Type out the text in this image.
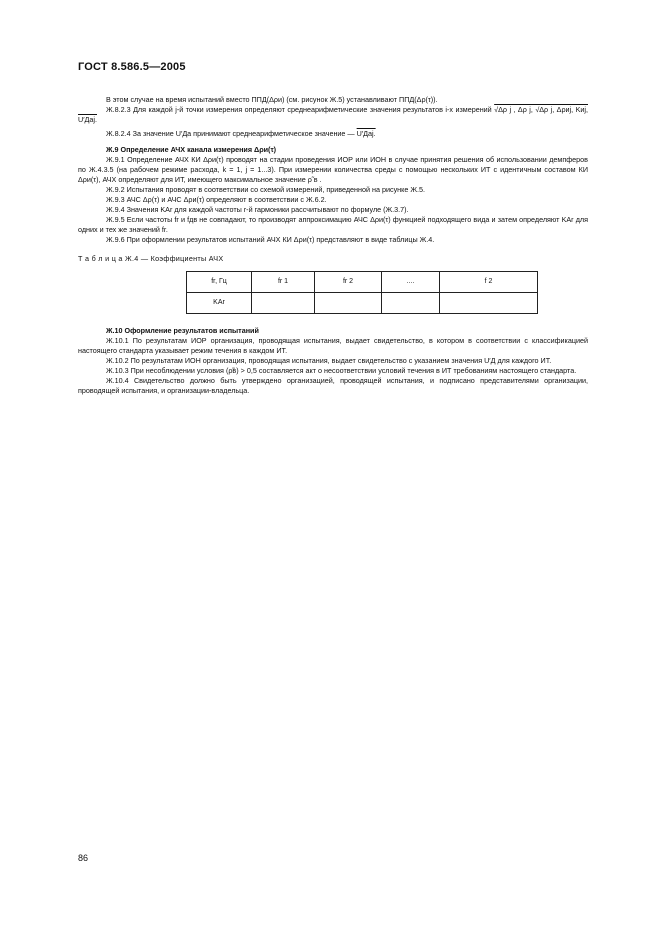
ГОСТ 8.586.5—2005

В этом случае на время испытаний вместо ППД(Δρи) (см. рисунок Ж.5) устанавливают ППД(Δρ(τ)).

Ж.8.2.3 Для каждой j-й точки измерения определяют среднеарифметические значения результатов i-х измерений √Δρ j , Δρ j, √Δρ j, Δρиj, Kиj, U′Даj.

Ж.8.2.4 За значение U′Да принимают среднеарифметическое значение — U′Даj.

Ж.9 Определение АЧХ канала измерения Δρи(τ)

Ж.9.1 Определение АЧХ КИ Δρи(τ) проводят на стадии проведения ИОР или ИОН в случае принятия решения об использовании демпферов по Ж.4.3.5 (на рабочем режиме расхода, k = 1, j = 1...3). При измерении количества среды с помощью нескольких ИТ с идентичным составом КИ Δρи(τ), АЧХ определяют для ИТ, имеющего максимальное значение ρ̃ в .

Ж.9.2 Испытания проводят в соответствии со схемой измерений, приведенной на рисунке Ж.5.

Ж.9.3 АЧС Δρ(τ) и АЧС Δρи(τ) определяют в соответствии с Ж.6.2.

Ж.9.4 Значения KАr для каждой частоты r-й гармоники рассчитывают по формуле (Ж.3.7).

Ж.9.5 Если частоты fr и fдв не совпадают, то производят аппроксимацию АЧС Δρи(τ) функцией подходящего вида и затем определяют KАr для одних и тех же значений fr.

Ж.9.6 При оформлении результатов испытаний АЧХ КИ Δρи(τ) представляют в виде таблицы Ж.4.

Т а б л и ц а Ж.4 — Коэффициенты АЧХ

fr, Гц	fr 1	fr 2	....	f 2
KАr				

Ж.10 Оформление результатов испытаний

Ж.10.1 По результатам ИОР организация, проводящая испытания, выдает свидетельство, в котором в соответствии с классификацией настоящего стандарта указывает режим течения в каждом ИТ.

Ж.10.2 По результатам ИОН организация, проводящая испытания, выдает свидетельство с указанием значения U′Д для каждого ИТ.

Ж.10.3 При несоблюдении условия (ρ̃в) > 0,5 составляется акт о несоответствии условий течения в ИТ требованиям настоящего стандарта.

Ж.10.4 Свидетельство должно быть утверждено организацией, проводящей испытания, и подписано представителями организации, проводящей испытания, и организации-владельца.

86
